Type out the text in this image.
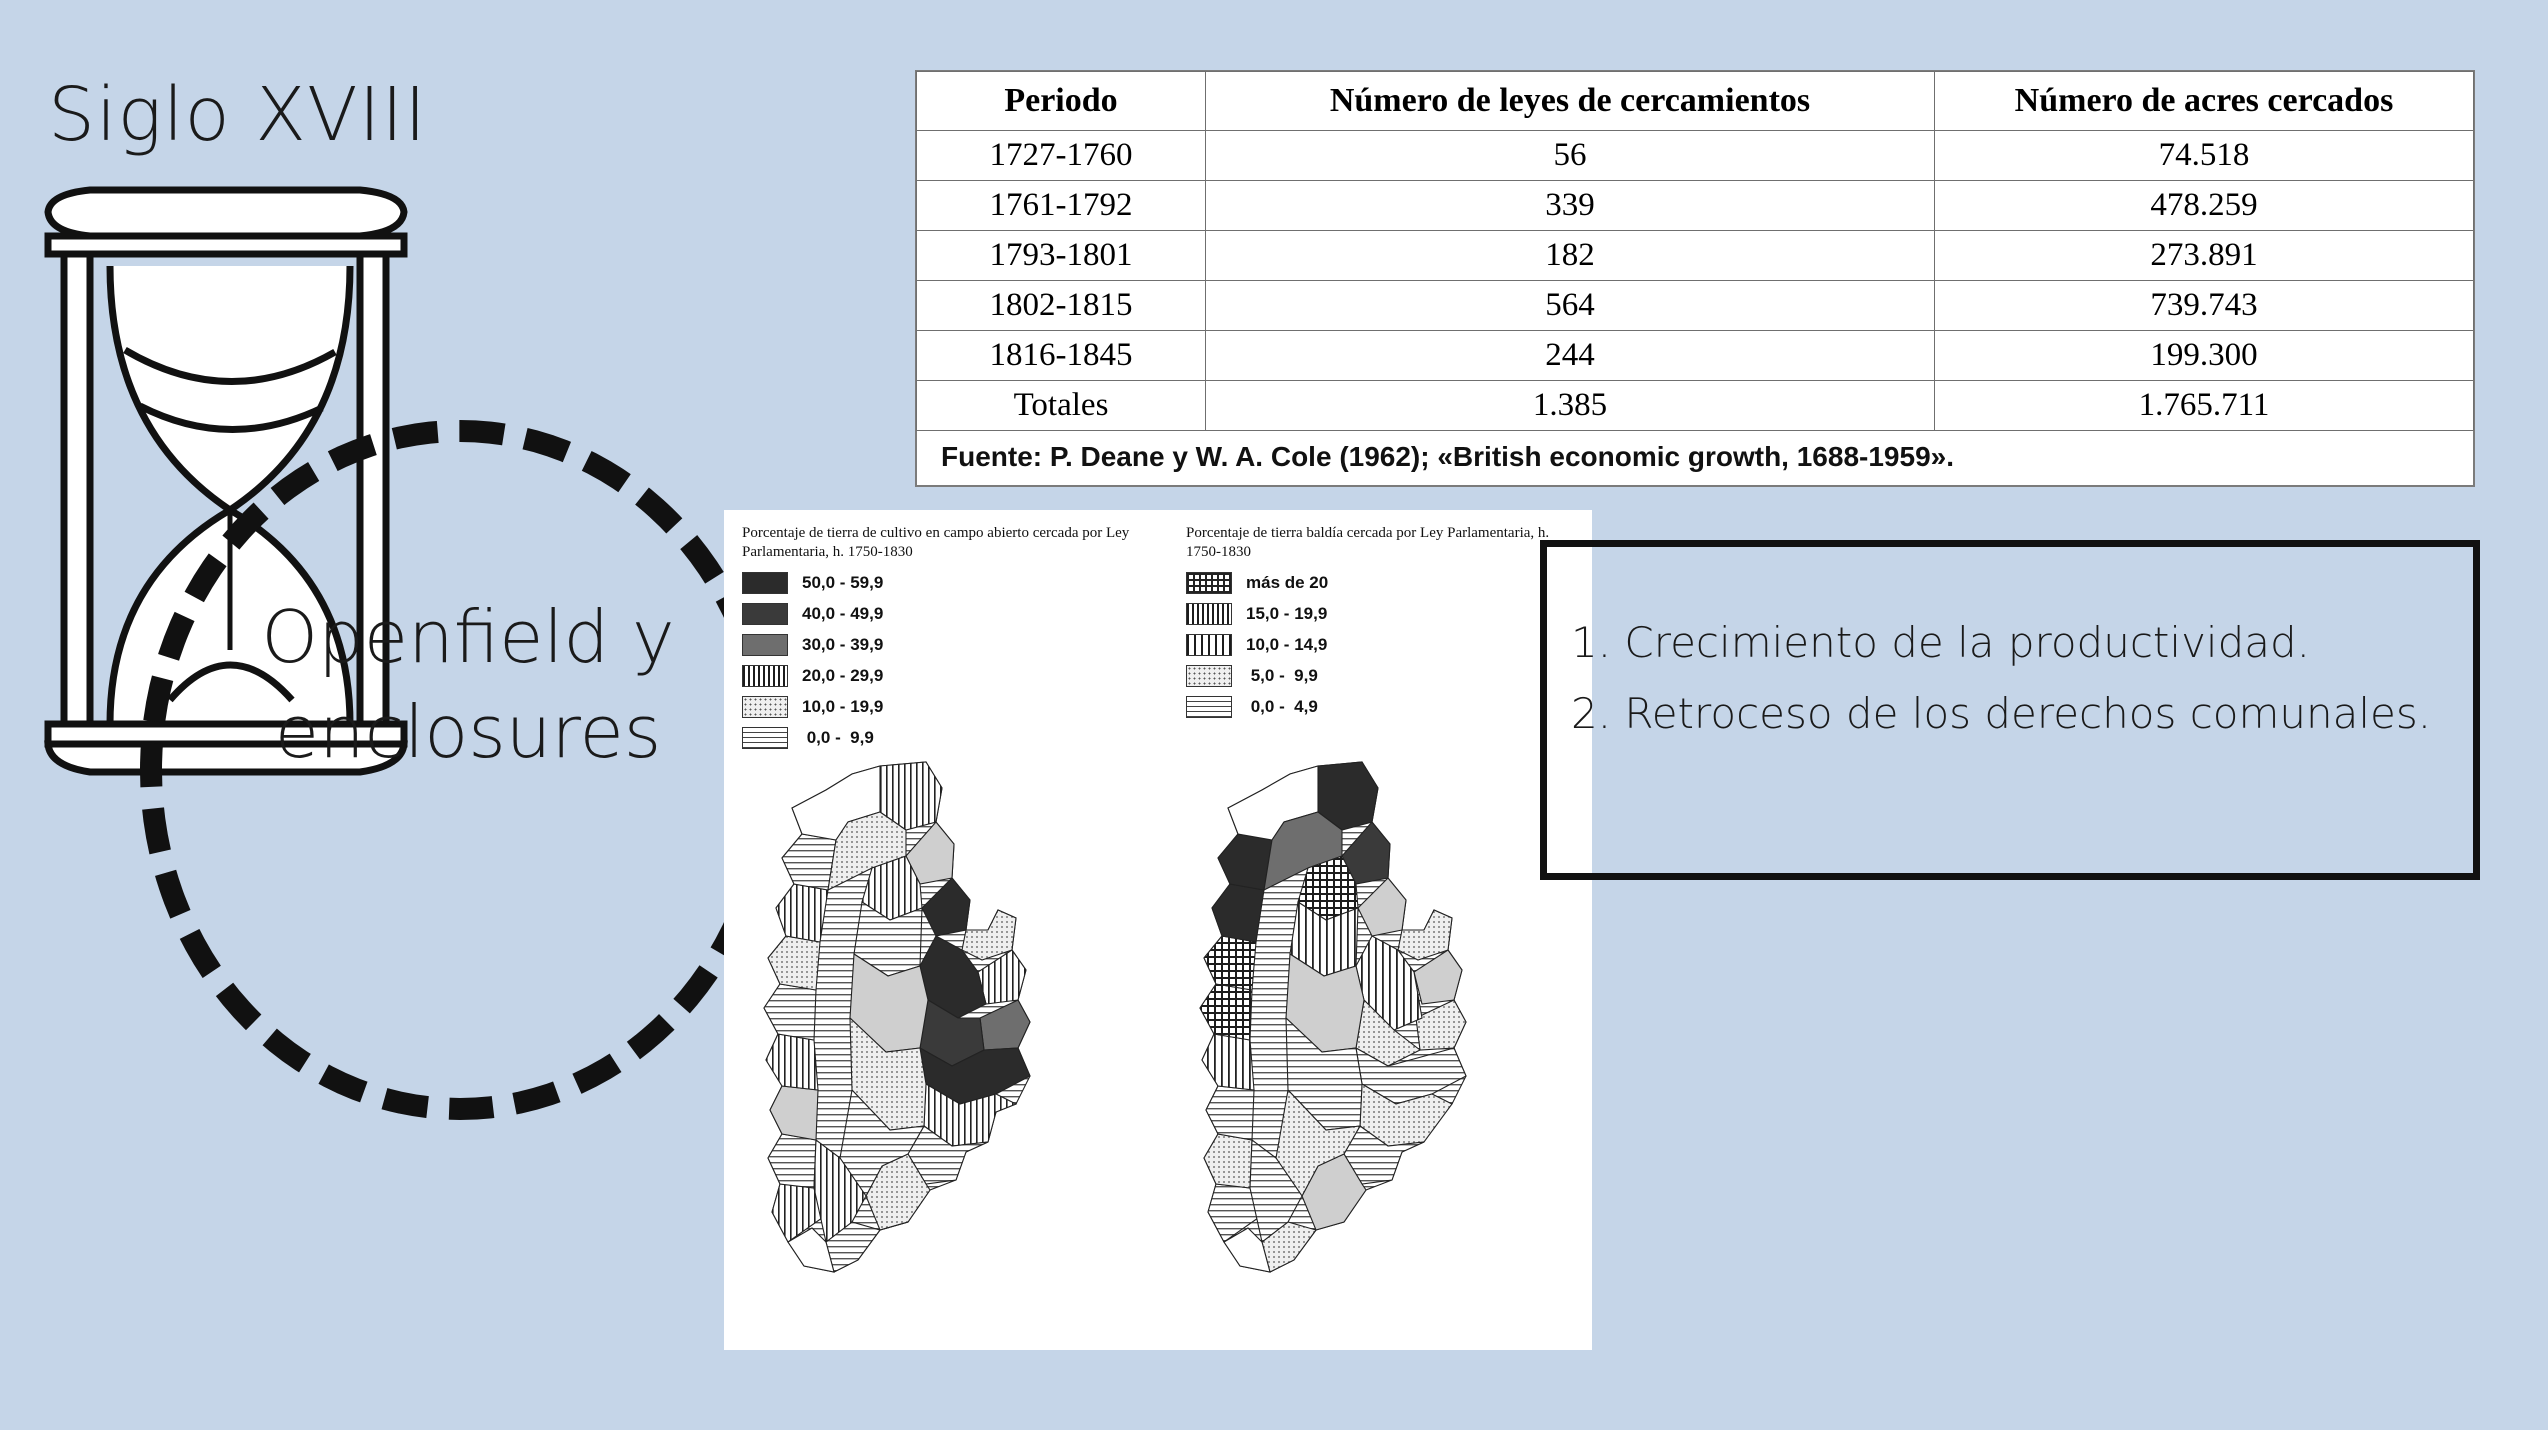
Siglo XVIII
Openfield y
enclosures
Periodo	Número de leyes de cercamientos	Número de acres cercados
1727-1760	56	74.518
1761-1792	339	478.259
1793-1801	182	273.891
1802-1815	564	739.743
1816-1845	244	199.300
Totales	1.385	1.765.711
Fuente: P. Deane y W. A. Cole (1962); «British economic growth, 1688-1959».
Porcentaje de tierra de cultivo en campo abierto cercada por Ley Parlamentaria, h. 1750-1830
50,0 - 59,9
40,0 - 49,9
30,0 - 39,9
20,0 - 29,9
10,0 - 19,9
0,0 -  9,9
Porcentaje de tierra baldía cercada por Ley Parlamentaria, h. 1750-1830
más de 20
15,0 - 19,9
10,0 - 14,9
5,0 -  9,9
0,0 -  4,9
1. Crecimiento de la productividad.
2. Retroceso de los derechos comunales.
